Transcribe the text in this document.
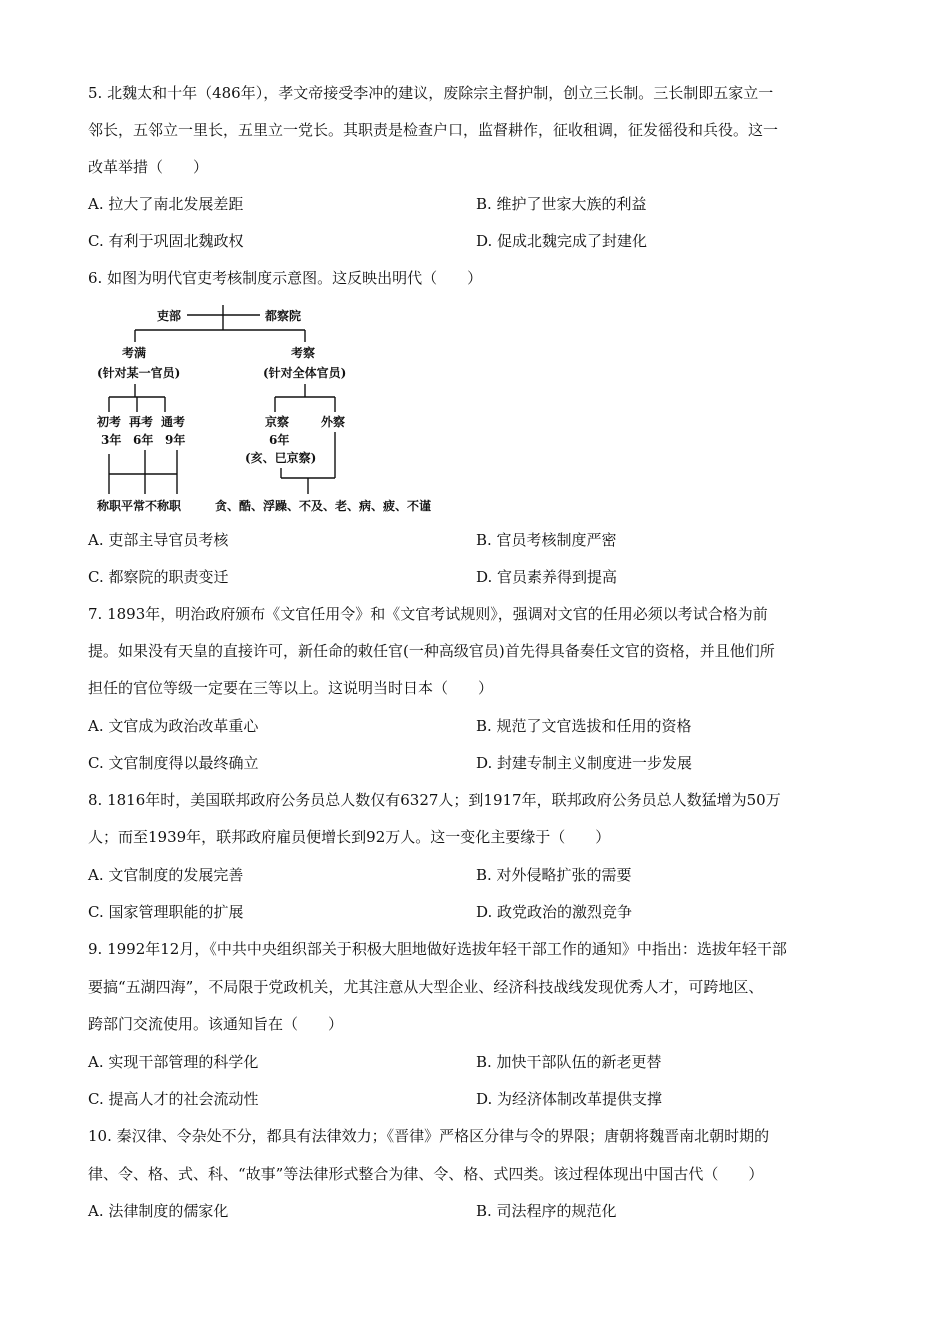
5. 北魏太和十年（486年），孝文帝接受李冲的建议，废除宗主督护制，创立三长制。三长制即五家立一
邻长，五邻立一里长，五里立一党长。其职责是检查户口，监督耕作，征收租调，征发徭役和兵役。这一
改革举措（　　）
A. 拉大了南北发展差距	B. 维护了世家大族的利益
C. 有利于巩固北魏政权	D. 促成北魏完成了封建化
6. 如图为明代官吏考核制度示意图。这反映出明代（　　）
吏部	都察院
考满
(针对某一官员)
考察
(针对全体官员)
初考
3年
再考
6年
通考
9年
称职平常不称职
京察
6年
(亥、巳京察)
外察
贪、酷、浮躁、不及、老、病、疲、不谨
A. 吏部主导官员考核	B. 官员考核制度严密
C. 都察院的职责变迁	D. 官员素养得到提高
7. 1893年，明治政府颁布《文官任用令》和《文官考试规则》，强调对文官的任用必须以考试合格为前
提。如果没有天皇的直接许可，新任命的敕任官(一种高级官员)首先得具备奏任文官的资格，并且他们所
担任的官位等级一定要在三等以上。这说明当时日本（　　）
A. 文官成为政治改革重心	B. 规范了文官选拔和任用的资格
C. 文官制度得以最终确立	D. 封建专制主义制度进一步发展
8. 1816年时，美国联邦政府公务员总人数仅有6327人；到1917年，联邦政府公务员总人数猛增为50万
人；而至1939年，联邦政府雇员便增长到92万人。这一变化主要缘于（　　）
A. 文官制度的发展完善	B. 对外侵略扩张的需要
C. 国家管理职能的扩展	D. 政党政治的激烈竞争
9. 1992年12月，《中共中央组织部关于积极大胆地做好选拔年轻干部工作的通知》中指出：选拔年轻干部
要搞“五湖四海”，不局限于党政机关，尤其注意从大型企业、经济科技战线发现优秀人才，可跨地区、
跨部门交流使用。该通知旨在（　　）
A. 实现干部管理的科学化	B. 加快干部队伍的新老更替
C. 提高人才的社会流动性	D. 为经济体制改革提供支撑
10. 秦汉律、令杂处不分，都具有法律效力；《晋律》严格区分律与令的界限；唐朝将魏晋南北朝时期的
律、令、格、式、科、“故事”等法律形式整合为律、令、格、式四类。该过程体现出中国古代（　　）
A. 法律制度的儒家化	B. 司法程序的规范化
